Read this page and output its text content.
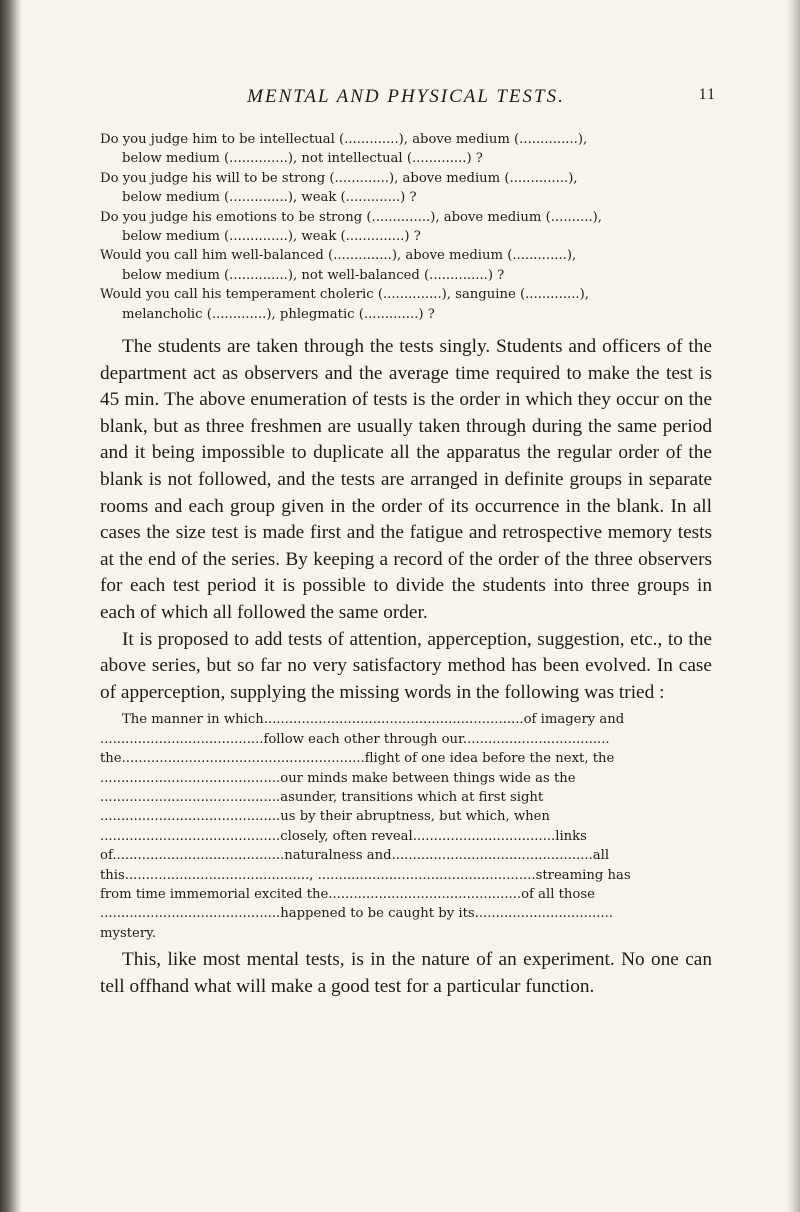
MENTAL AND PHYSICAL TESTS.	11
Do you judge him to be intellectual (.............), above medium (..............),
below medium (..............), not intellectual (.............) ?
Do you judge his will to be strong (.............), above medium (..............),
below medium (..............), weak (.............) ?
Do you judge his emotions to be strong (..............), above medium (..........),
below medium (..............), weak (..............) ?
Would you call him well-balanced (..............), above medium (.............),
below medium (..............), not well-balanced (..............) ?
Would you call his temperament choleric (..............), sanguine (.............),
melancholic (.............), phlegmatic (.............) ?

The students are taken through the tests singly. Students and officers of the department act as observers and the average time required to make the test is 45 min. The above enumeration of tests is the order in which they occur on the blank, but as three freshmen are usually taken through during the same period and it being impossible to duplicate all the apparatus the regular order of the blank is not followed, and the tests are arranged in definite groups in separate rooms and each group given in the order of its occurrence in the blank. In all cases the size test is made first and the fatigue and retrospective memory tests at the end of the series. By keeping a record of the order of the three observers for each test period it is possible to divide the students into three groups in each of which all followed the same order.

It is proposed to add tests of attention, apperception, suggestion, etc., to the above series, but so far no very satisfactory method has been evolved. In case of apperception, supplying the missing words in the following was tried :

The manner in which..............................................................of imagery and
.......................................follow each other through our...................................
the..........................................................flight of one idea before the next, the
...........................................our minds make between things wide as the
...........................................asunder, transitions which at first sight
...........................................us by their abruptness, but which, when
...........................................closely, often reveal..................................links
of.........................................naturalness and................................................all
this............................................, ....................................................streaming has
from time immemorial excited the..............................................of all those
...........................................happened to be caught by its.................................
mystery.

This, like most mental tests, is in the nature of an experiment. No one can tell offhand what will make a good test for a particular function.
